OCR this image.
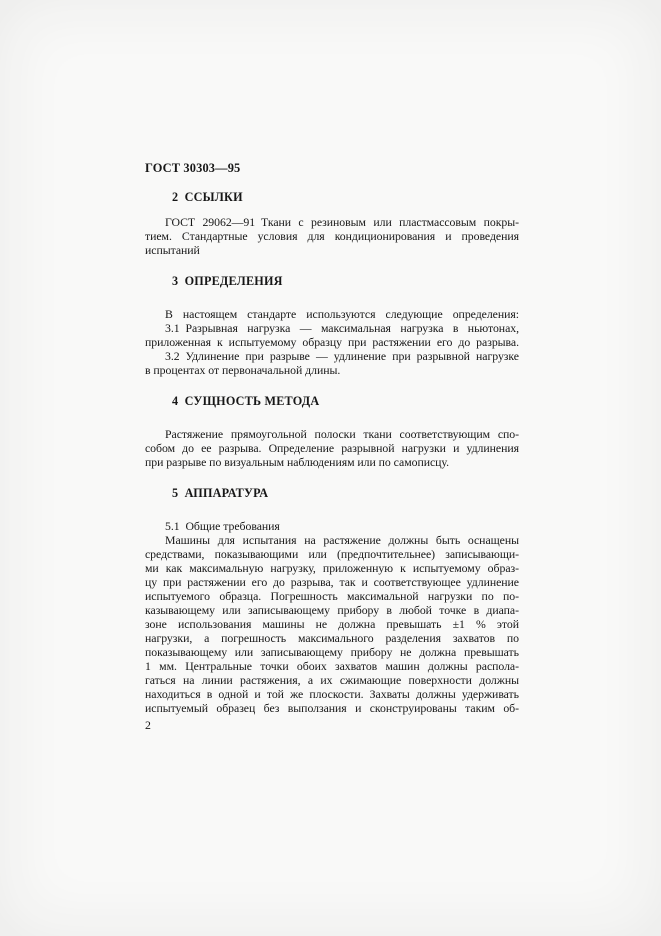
ГОСТ 30303—95
2 ССЫЛКИ
ГОСТ 29062—91 Ткани с резиновым или пластмассовым покры-
тием. Стандартные условия для кондиционирования и проведения
испытаний
3 ОПРЕДЕЛЕНИЯ
В настоящем стандарте используются следующие определения:
3.1 Разрывная нагрузка — максимальная нагрузка в ньютонах,
приложенная к испытуемому образцу при растяжении его до разрыва.
3.2 Удлинение при разрыве — удлинение при разрывной нагрузке
в процентах от первоначальной длины.
4 СУЩНОСТЬ МЕТОДА
Растяжение прямоугольной полоски ткани соответствующим спо-
собом до ее разрыва. Определение разрывной нагрузки и удлинения
при разрыве по визуальным наблюдениям или по самописцу.
5 АППАРАТУРА
5.1 Общие требования
Машины для испытания на растяжение должны быть оснащены
средствами, показывающими или (предпочтительнее) записывающи-
ми как максимальную нагрузку, приложенную к испытуемому образ-
цу при растяжении его до разрыва, так и соответствующее удлинение
испытуемого образца. Погрешность максимальной нагрузки по по-
казывающему или записывающему прибору в любой точке в диапа-
зоне использования машины не должна превышать ±1 % этой
нагрузки, а погрешность максимального разделения захватов по
показывающему или записывающему прибору не должна превышать
1 мм. Центральные точки обоих захватов машин должны распола-
гаться на линии растяжения, а их сжимающие поверхности должны
находиться в одной и той же плоскости. Захваты должны удерживать
испытуемый образец без выползания и сконструированы таким об-
2
